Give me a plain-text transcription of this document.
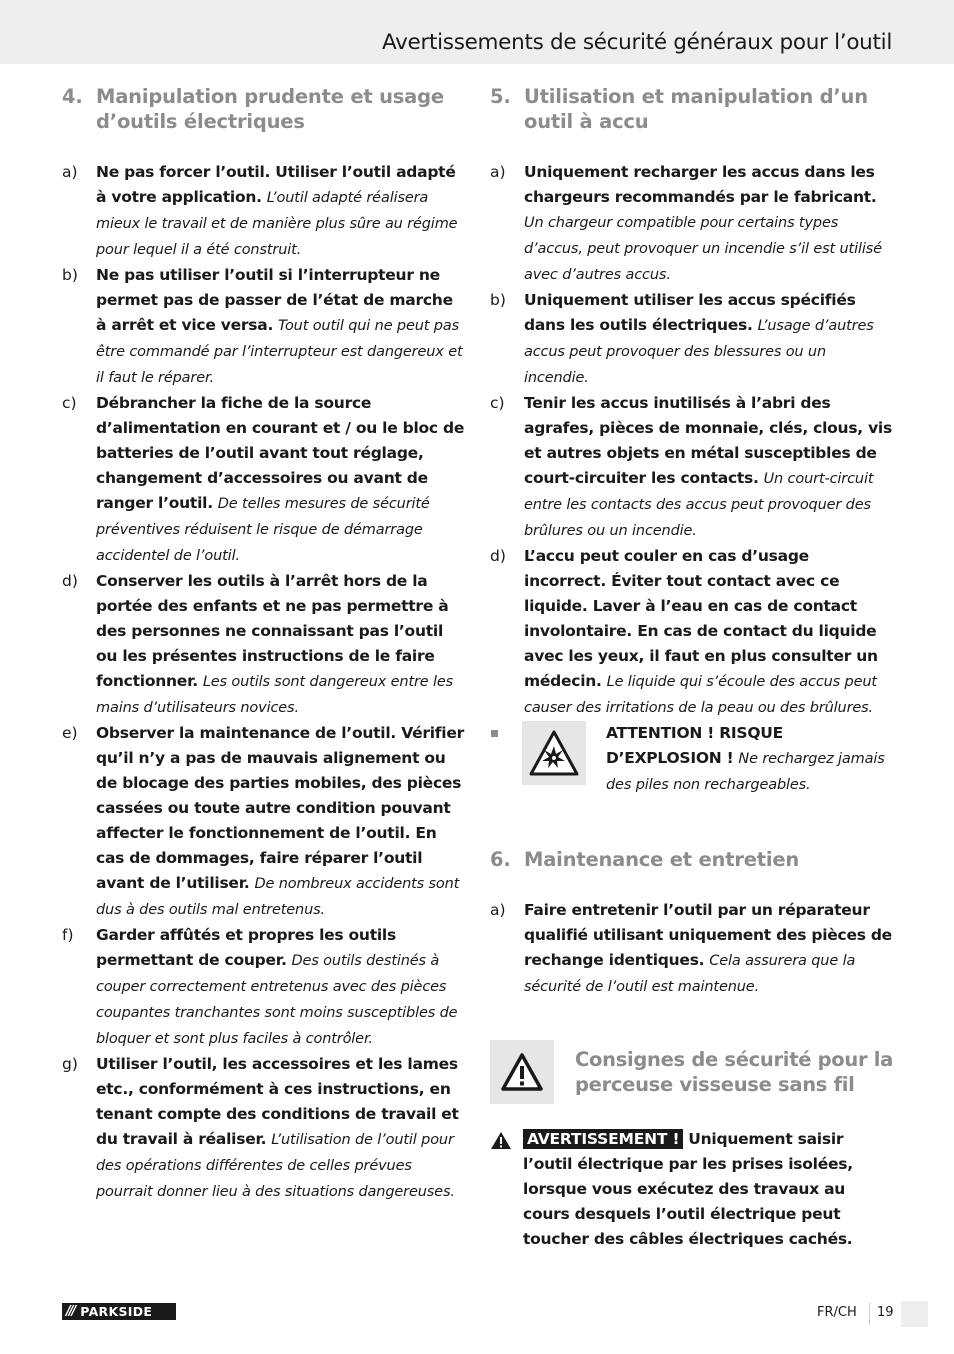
Avertissements de sécurité généraux pour l’outil
4. Manipulation prudente et usage d’outils électriques
a)	Ne pas forcer l’outil. Utiliser l’outil adapté à votre application. L’outil adapté réalisera mieux le travail et de manière plus sûre au régime pour lequel il a été construit.
b)	Ne pas utiliser l’outil si l’interrupteur ne permet pas de passer de l’état de marche à arrêt et vice versa. Tout outil qui ne peut pas être commandé par l’interrupteur est dangereux et il faut le réparer.
c)	Débrancher la fiche de la source d’alimentation en courant et / ou le bloc de batteries de l’outil avant tout réglage, changement d’accessoires ou avant de ranger l’outil. De telles mesures de sécurité préventives réduisent le risque de démarrage accidentel de l’outil.
d)	Conserver les outils à l’arrêt hors de la portée des enfants et ne pas permettre à des personnes ne connaissant pas l’outil ou les présentes instructions de le faire fonctionner. Les outils sont dangereux entre les mains d’utilisateurs novices.
e)	Observer la maintenance de l’outil. Vérifier qu’il n’y a pas de mauvais alignement ou de blocage des parties mobiles, des pièces cassées ou toute autre condition pouvant affecter le fonctionnement de l’outil. En cas de dommages, faire réparer l’outil avant de l’utiliser. De nombreux accidents sont dus à des outils mal entretenus.
f)	Garder affûtés et propres les outils permettant de couper. Des outils destinés à couper correctement entretenus avec des pièces coupantes tranchantes sont moins susceptibles de bloquer et sont plus faciles à contrôler.
g)	Utiliser l’outil, les accessoires et les lames etc., conformément à ces instructions, en tenant compte des conditions de travail et du travail à réaliser. L’utilisation de l’outil pour des opérations différentes de celles prévues pourrait donner lieu à des situations dangereuses.
5. Utilisation et manipulation d’un outil à accu
a)	Uniquement recharger les accus dans les chargeurs recommandés par le fabricant. Un chargeur compatible pour certains types d’accus, peut provoquer un incendie s’il est utilisé avec d’autres accus.
b)	Uniquement utiliser les accus spécifiés dans les outils électriques. L’usage d’autres accus peut provoquer des blessures ou un incendie.
c)	Tenir les accus inutilisés à l’abri des agrafes, pièces de monnaie, clés, clous, vis et autres objets en métal susceptibles de court-circuiter les contacts. Un court-circuit entre les contacts des accus peut provoquer des brûlures ou un incendie.
d)	L’accu peut couler en cas d’usage incorrect. Éviter tout contact avec ce liquide. Laver à l’eau en cas de contact involontaire. En cas de contact du liquide avec les yeux, il faut en plus consulter un médecin. Le liquide qui s’écoule des accus peut causer des irritations de la peau ou des brûlures.
ATTENTION ! RISQUE D’EXPLOSION ! Ne rechargez jamais des piles non rechargeables.
6. Maintenance et entretien
a)	Faire entretenir l’outil par un réparateur qualifié utilisant uniquement des pièces de rechange identiques. Cela assurera que la sécurité de l’outil est maintenue.
Consignes de sécurité pour la perceuse visseuse sans fil
AVERTISSEMENT ! Uniquement saisir l’outil électrique par les prises isolées, lorsque vous exécutez des travaux au cours desquels l’outil électrique peut toucher des câbles électriques cachés.
/// PARKSIDE	FR/CH 19
